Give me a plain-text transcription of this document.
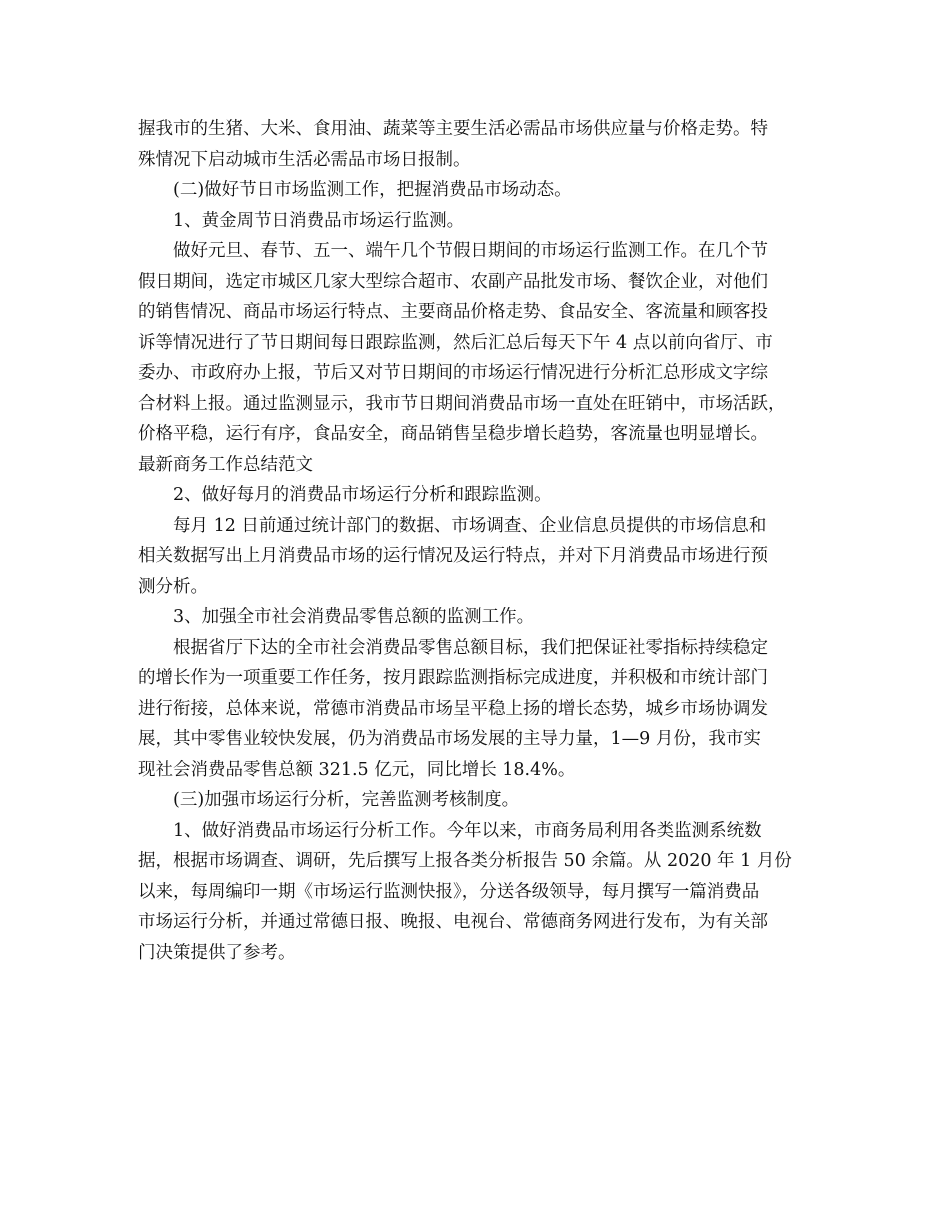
握我市的生猪、大米、食用油、蔬菜等主要生活必需品市场供应量与价格走势。特
殊情况下启动城市生活必需品市场日报制。

(二)做好节日市场监测工作，把握消费品市场动态。

1、黄金周节日消费品市场运行监测。

做好元旦、春节、五一、端午几个节假日期间的市场运行监测工作。在几个节
假日期间，选定市城区几家大型综合超市、农副产品批发市场、餐饮企业，对他们
的销售情况、商品市场运行特点、主要商品价格走势、食品安全、客流量和顾客投
诉等情况进行了节日期间每日跟踪监测，然后汇总后每天下午 4 点以前向省厅、市
委办、市政府办上报，节后又对节日期间的市场运行情况进行分析汇总形成文字综
合材料上报。通过监测显示，我市节日期间消费品市场一直处在旺销中，市场活跃，
价格平稳，运行有序，食品安全，商品销售呈稳步增长趋势，客流量也明显增长。

最新商务工作总结范文

2、做好每月的消费品市场运行分析和跟踪监测。

每月 12 日前通过统计部门的数据、市场调查、企业信息员提供的市场信息和
相关数据写出上月消费品市场的运行情况及运行特点，并对下月消费品市场进行预
测分析。

3、加强全市社会消费品零售总额的监测工作。

根据省厅下达的全市社会消费品零售总额目标，我们把保证社零指标持续稳定
的增长作为一项重要工作任务，按月跟踪监测指标完成进度，并积极和市统计部门
进行衔接，总体来说，常德市消费品市场呈平稳上扬的增长态势，城乡市场协调发
展，其中零售业较快发展，仍为消费品市场发展的主导力量，1—9 月份，我市实
现社会消费品零售总额 321.5 亿元，同比增长 18.4%。

(三)加强市场运行分析，完善监测考核制度。

1、做好消费品市场运行分析工作。今年以来，市商务局利用各类监测系统数
据，根据市场调查、调研，先后撰写上报各类分析报告 50 余篇。从 2020 年 1 月份
以来，每周编印一期《市场运行监测快报》，分送各级领导，每月撰写一篇消费品
市场运行分析，并通过常德日报、晚报、电视台、常德商务网进行发布，为有关部
门决策提供了参考。
